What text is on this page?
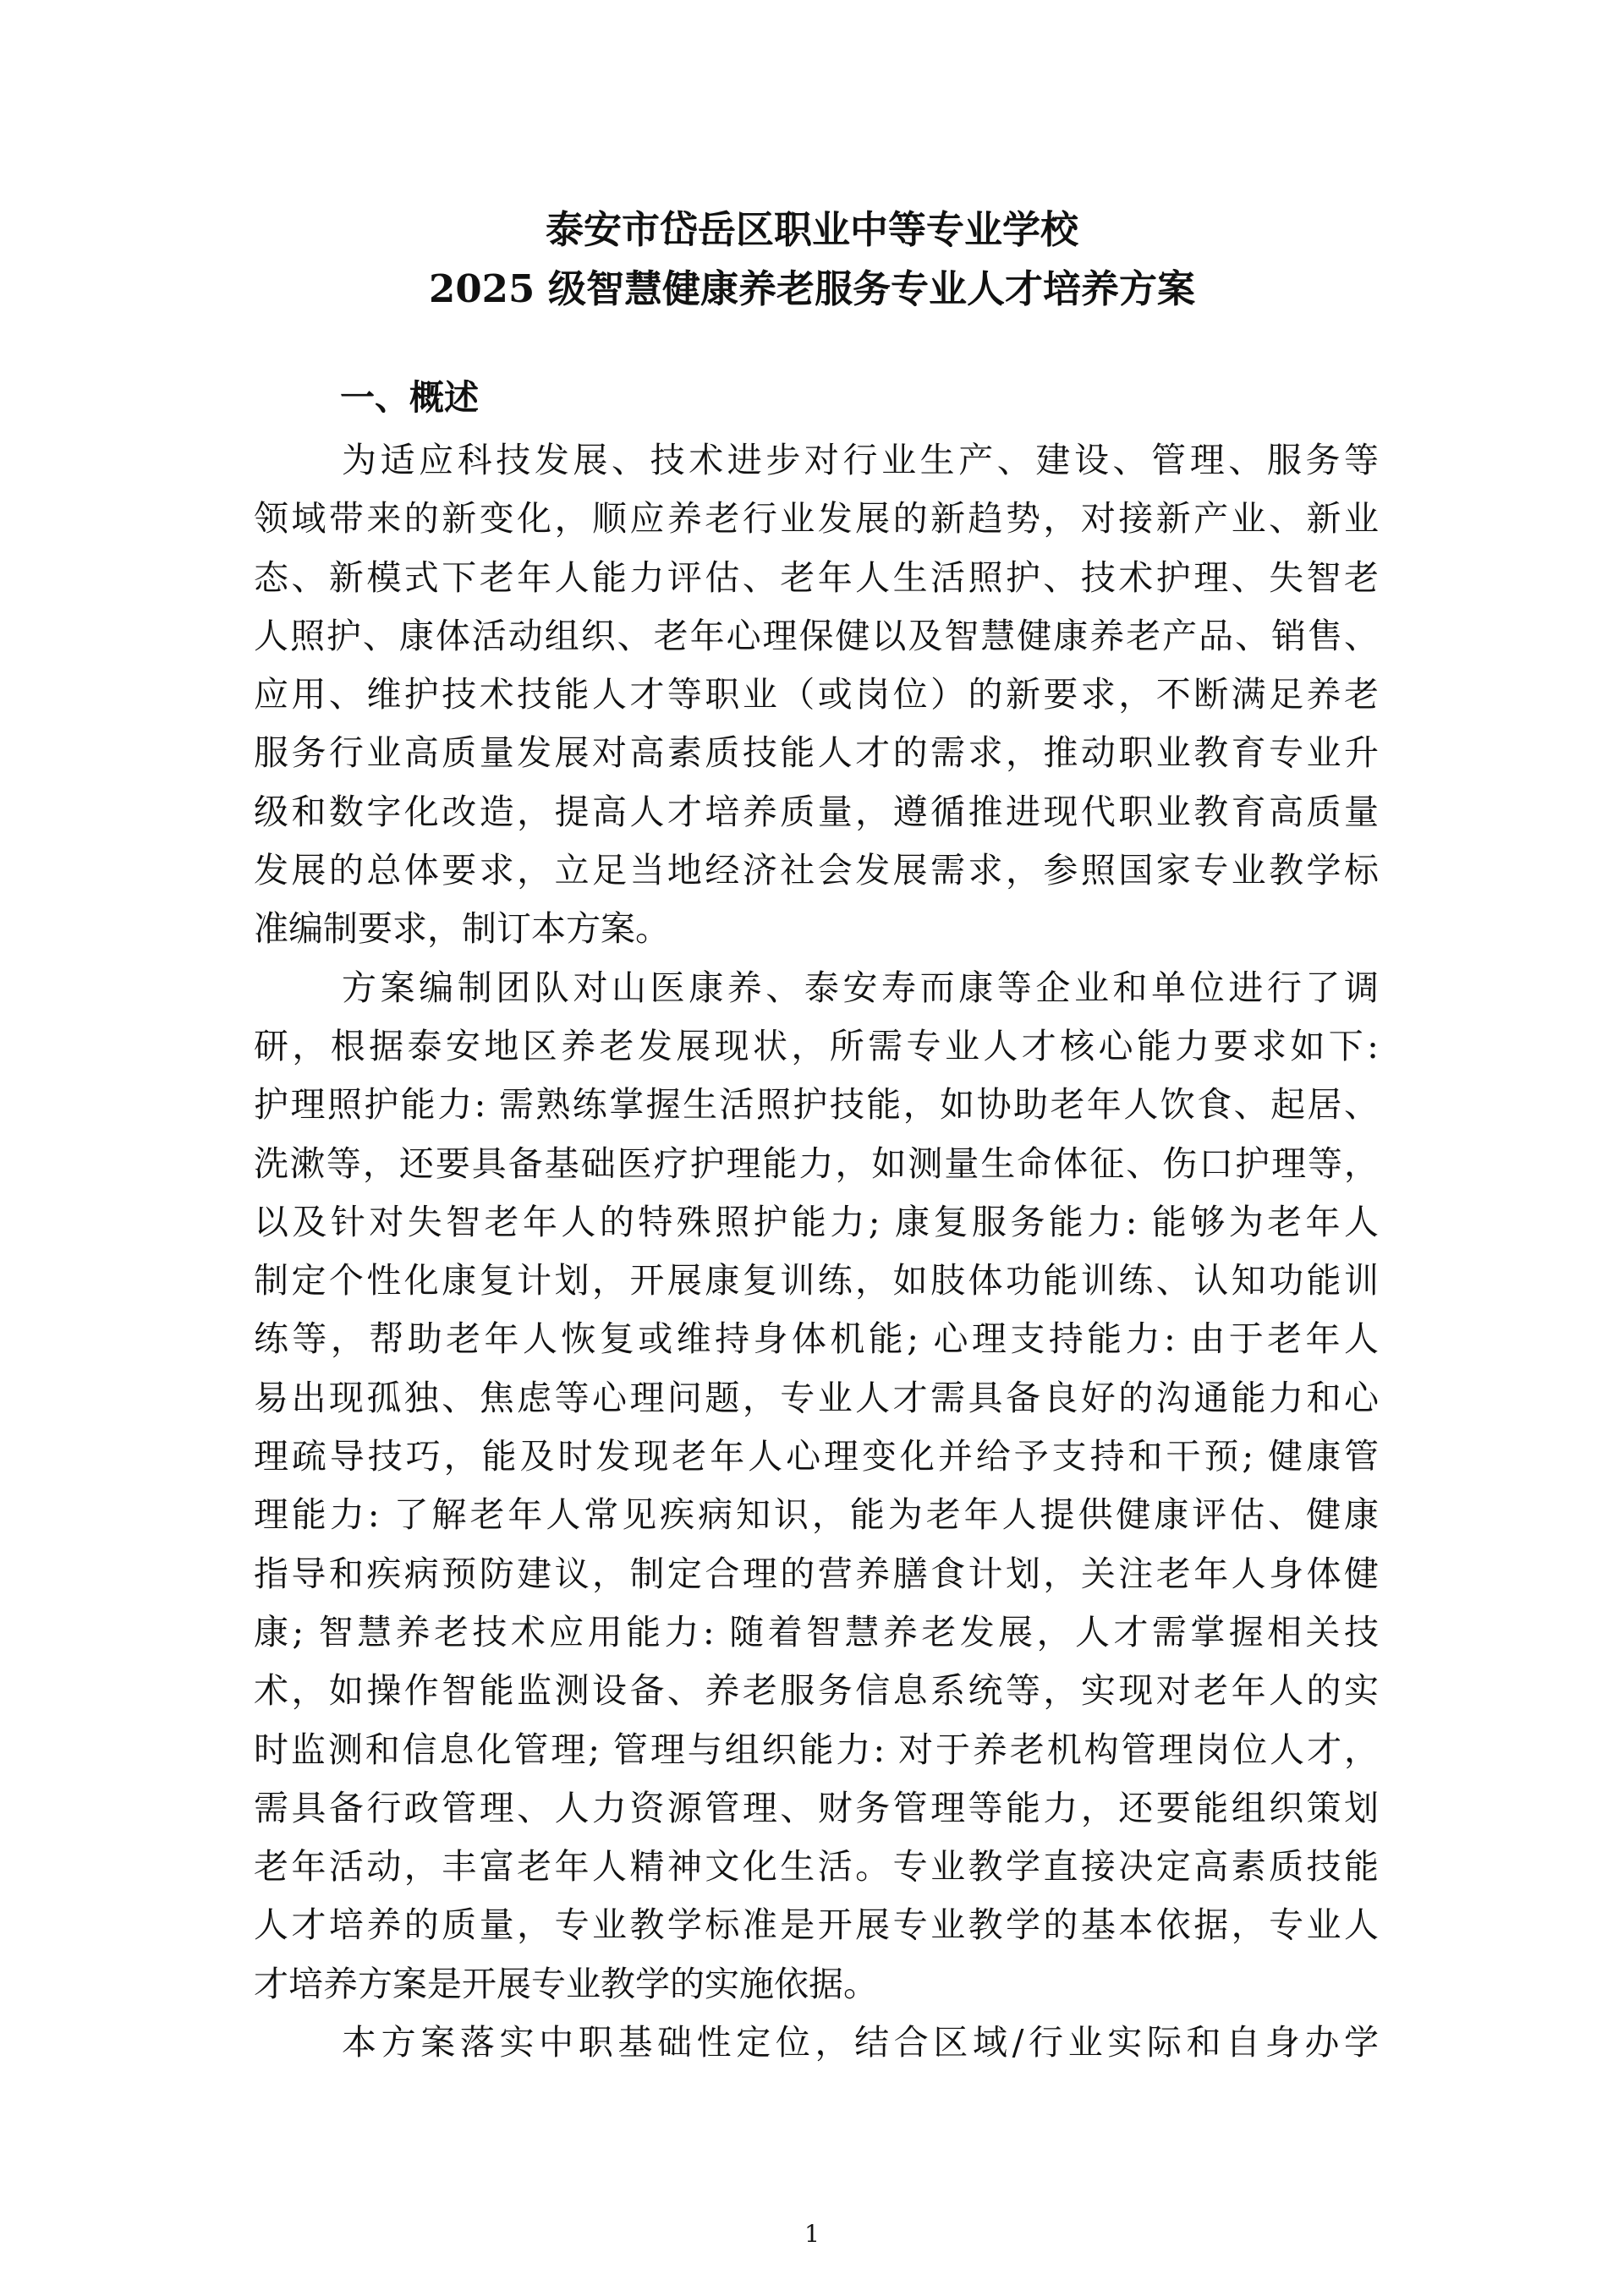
泰安市岱岳区职业中等专业学校
2025 级智慧健康养老服务专业人才培养方案
一、概述
为适应科技发展、技术进步对行业生产、建设、管理、服务等
领域带来的新变化，顺应养老行业发展的新趋势，对接新产业、新业
态、新模式下老年人能力评估、老年人生活照护、技术护理、失智老
人照护、康体活动组织、老年心理保健以及智慧健康养老产品、销售、
应用、维护技术技能人才等职业（或岗位）的新要求，不断满足养老
服务行业高质量发展对高素质技能人才的需求，推动职业教育专业升
级和数字化改造，提高人才培养质量，遵循推进现代职业教育高质量
发展的总体要求，立足当地经济社会发展需求，参照国家专业教学标
准编制要求，制订本方案。
方案编制团队对山医康养、泰安寿而康等企业和单位进行了调
研，根据泰安地区养老发展现状，所需专业人才核心能力要求如下:
护理照护能力: 需熟练掌握生活照护技能，如协助老年人饮食、起居、
洗漱等，还要具备基础医疗护理能力，如测量生命体征、伤口护理等，
以及针对失智老年人的特殊照护能力; 康复服务能力: 能够为老年人
制定个性化康复计划，开展康复训练，如肢体功能训练、认知功能训
练等，帮助老年人恢复或维持身体机能; 心理支持能力: 由于老年人
易出现孤独、焦虑等心理问题，专业人才需具备良好的沟通能力和心
理疏导技巧，能及时发现老年人心理变化并给予支持和干预; 健康管
理能力: 了解老年人常见疾病知识，能为老年人提供健康评估、健康
指导和疾病预防建议，制定合理的营养膳食计划，关注老年人身体健
康; 智慧养老技术应用能力: 随着智慧养老发展，人才需掌握相关技
术，如操作智能监测设备、养老服务信息系统等，实现对老年人的实
时监测和信息化管理; 管理与组织能力: 对于养老机构管理岗位人才，
需具备行政管理、人力资源管理、财务管理等能力，还要能组织策划
老年活动，丰富老年人精神文化生活。专业教学直接决定高素质技能
人才培养的质量，专业教学标准是开展专业教学的基本依据，专业人
才培养方案是开展专业教学的实施依据。
本方案落实中职基础性定位，结合区域/行业实际和自身办学
1
